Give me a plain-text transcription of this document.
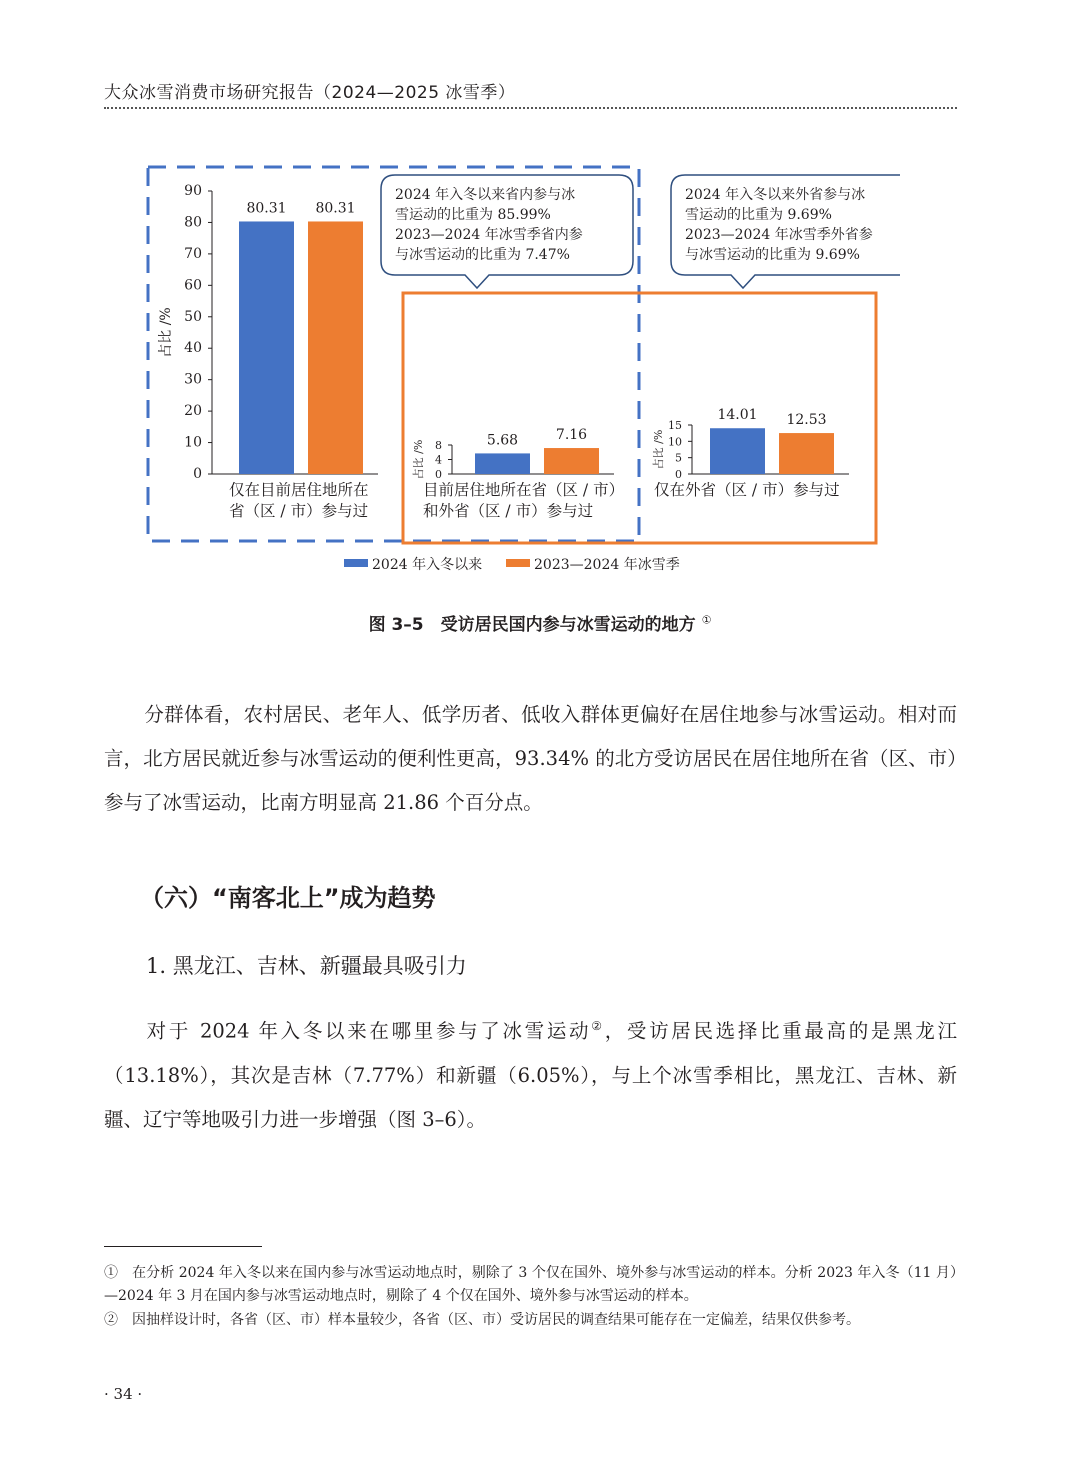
大众冰雪消费市场研究报告（2024—2025 冰雪季）
2024 年入冬以来省内参与冰
雪运动的比重为 85.99%
2023—2024 年冰雪季省内参
与冰雪运动的比重为 7.47%
2024 年入冬以来外省参与冰
雪运动的比重为 9.69%
2023—2024 年冰雪季外省参
与冰雪运动的比重为 9.69%
0
10
20
30
40
50
60
70
80
90
占比 /%
80.31 80.31
仅在目前居住地所在
省（区 / 市）参与过
0
4
8
占比 /%	5.68	7.16
目前居住地所在省（区 / 市）
和外省（区 / 市）参与过
0
5
10
15
占比 /%
14.01 12.53
仅在外省（区 / 市）参与过
2024 年入冬以来	2023—2024 年冰雪季
图 3–5　受访居民国内参与冰雪运动的地方 ①
分群体看，农村居民、老年人、低学历者、低收入群体更偏好在居住地参与冰雪运动。相对而言，北方居民就近参与冰雪运动的便利性更高，93.34% 的北方受访居民在居住地所在省（区、市）参与了冰雪运动，比南方明显高 21.86 个百分点。
（六）“南客北上”成为趋势
1. 黑龙江、吉林、新疆最具吸引力
对于 2024 年入冬以来在哪里参与了冰雪运动②，受访居民选择比重最高的是黑龙江（13.18%），其次是吉林（7.77%）和新疆（6.05%），与上个冰雪季相比，黑龙江、吉林、新疆、辽宁等地吸引力进一步增强（图 3–6）。
①　在分析 2024 年入冬以来在国内参与冰雪运动地点时，剔除了 3 个仅在国外、境外参与冰雪运动的样本。分析 2023 年入冬（11 月）—2024 年 3 月在国内参与冰雪运动地点时，剔除了 4 个仅在国外、境外参与冰雪运动的样本。
②　因抽样设计时，各省（区、市）样本量较少，各省（区、市）受访居民的调查结果可能存在一定偏差，结果仅供参考。
· 34 ·
